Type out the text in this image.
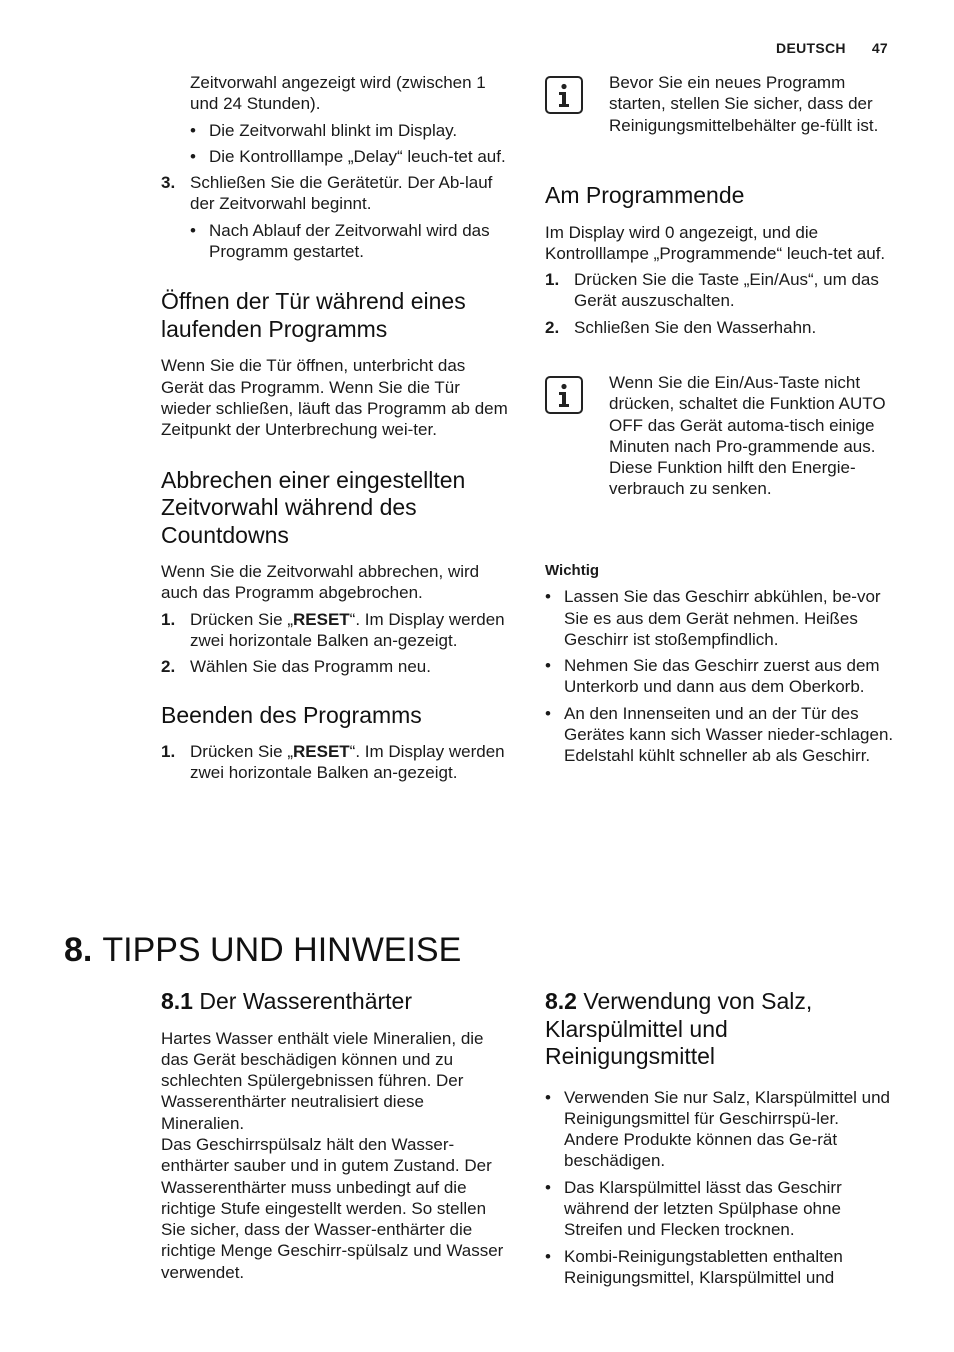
DEUTSCH 47

Zeitvorwahl angezeigt wird (zwischen 1 und 24 Stunden).

• Die Zeitvorwahl blinkt im Display.
• Die Kontrolllampe „Delay“ leuch-tet auf.
3. Schließen Sie die Gerätetür. Der Ab-lauf der Zeitvorwahl beginnt.
• Nach Ablauf der Zeitvorwahl wird das Programm gestartet.
Öffnen der Tür während eines laufenden Programms

Wenn Sie die Tür öffnen, unterbricht das Gerät das Programm. Wenn Sie die Tür wieder schließen, läuft das Programm ab dem Zeitpunkt der Unterbrechung wei-ter.

Abbrechen einer eingestellten Zeitvorwahl während des Countdowns

Wenn Sie die Zeitvorwahl abbrechen, wird auch das Programm abgebrochen.

1. Drücken Sie „RESET“. Im Display werden zwei horizontale Balken an-gezeigt.
2. Wählen Sie das Programm neu.
Beenden des Programms
1. Drücken Sie „RESET“. Im Display werden zwei horizontale Balken an-gezeigt.

Bevor Sie ein neues Programm starten, stellen Sie sicher, dass der Reinigungsmittelbehälter ge-füllt ist.

Am Programmende

Im Display wird 0 angezeigt, und die Kontrolllampe „Programmende“ leuch-tet auf.

1. Drücken Sie die Taste „Ein/Aus“, um das Gerät auszuschalten.
2. Schließen Sie den Wasserhahn.

Wenn Sie die Ein/Aus-Taste nicht drücken, schaltet die Funktion AUTO OFF das Gerät automa-tisch einige Minuten nach Pro-grammende aus.

Diese Funktion hilft den Energie-verbrauch zu senken.

Wichtig

• Lassen Sie das Geschirr abkühlen, be-vor Sie es aus dem Gerät nehmen. Heißes Geschirr ist stoßempfindlich.
• Nehmen Sie das Geschirr zuerst aus dem Unterkorb und dann aus dem Oberkorb.
• An den Innenseiten und an der Tür des Gerätes kann sich Wasser nieder-schlagen. Edelstahl kühlt schneller ab als Geschirr.
8. TIPPS UND HINWEISE
8.1 Der Wasserenthärter

Hartes Wasser enthält viele Mineralien, die das Gerät beschädigen können und zu schlechten Spülergebnissen führen. Der Wasserenthärter neutralisiert diese Mineralien.

Das Geschirrspülsalz hält den Wasser-enthärter sauber und in gutem Zustand. Der Wasserenthärter muss unbedingt auf die richtige Stufe eingestellt werden. So stellen Sie sicher, dass der Wasser-enthärter die richtige Menge Geschirr-spülsalz und Wasser verwendet.

8.2 Verwendung von Salz, Klarspülmittel und Reinigungsmittel
• Verwenden Sie nur Salz, Klarspülmittel und Reinigungsmittel für Geschirrspü-ler. Andere Produkte können das Ge-rät beschädigen.
• Das Klarspülmittel lässt das Geschirr während der letzten Spülphase ohne Streifen und Flecken trocknen.
• Kombi-Reinigungstabletten enthalten Reinigungsmittel, Klarspülmittel und
